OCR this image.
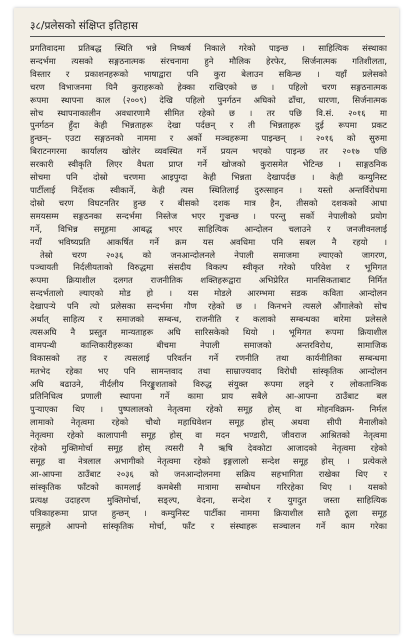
३८/प्रलेसको संक्षिप्त इतिहास
प्रगतिवादमा प्रतिबद्ध स्थिति भन्ने निष्कर्ष निकाले गरेको पाइन्छ । साहित्यिक संस्थाका
सन्दर्भमा त्यसको सङ्गठनात्मक संरचनामा हुने मौलिक हेरफेर, सिर्जनात्मक गतिशीलता,
विस्तार र प्रकाशनहरूको भाषाद्वारा पनि कुरा बेलाउन सकिन्छ । यहाँ प्रलेसको
चरण विभाजनमा यिनै कुराहरूको हेक्का राखिएको छ । पहिलो चरण सङ्गठनात्मक
रूपमा स्थापना काल (२००९) देखि पहिलो पुनर्गठन अघिको ढाँचा, धारणा, सिर्जनात्मक
सोच स्थापनाकालीन अवधारणामै सीमित रहेको छ । तर पछि वि.सं. २०१६ मा
पुनर्गठन हुँदा केही भिन्नताहरू देखा पर्दछन् र ती भिन्नताहरू दुई रूपमा प्रकट
हुन्छन्– एउटा सङ्गठनको नाममा र अर्को मञ्चहरूमा पाइन्छन् । २०१६ को सुरुमा
बिराटनगरमा कार्यालय खोलेर व्यवस्थित गर्ने प्रयत्न भएको पाइन्छ तर २०१७ पछि
सरकारी स्वीकृति लिएर वैधता प्राप्त गर्ने खोजको कुरासमेत भेटिन्छ । साङ्गठनिक
सोचमा पनि दोस्रो चरणमा आइपुग्दा केही भिन्नता देखापर्दछ । केही कम्युनिस्ट
पार्टीलाई निर्देशक स्वीकार्ने, केही त्यस स्थितिलाई दुरुत्साहन । यस्तो अन्तर्विरोधमा
दोस्रो चरण विघटनतिर हुन्छ र बीसको दशक मात्र हैन, तीसको दशकको आधा
समयसम्म सङ्गठनका सन्दर्भमा निस्तेज भएर गुज्रन्छ । परन्तु सर्को नेपालीको प्रयोग
गर्ने, विभिन्न समूहमा आबद्ध भएर साहित्यिक आन्दोलन चलाउने र जनजीवनलाई
नयाँ भविष्यप्रति आकर्षित गर्ने क्रम यस अवधिमा पनि सबल नै रहयो ।
तेस्रो चरण २०३६ को जनआन्दोलनले नेपाली समाजमा ल्याएको जागरण,
पञ्चायती निर्दलीयताको विरुद्धमा संसदीय विकल्प स्वीकृत गरेको परिवेश र भूमिगत
रूपमा क्रियाशील दलगत राजनीतिक शक्तिहरूद्वारा अभिप्रेरित मानसिकताबाट निर्मित
सन्दर्भतालो ल्याएको मोड हो । यस मोडले आरम्भमा सडक कविता आन्दोलन
देखापर्‍ये पनि त्यो प्रलेसका सन्दर्भमा गौण रहेको छ । किनभने त्यसले औंगालेको सोच
अर्थात् साहित्य र समाजको सम्बन्ध, राजनीति र कलाको सम्बन्धका बारेमा प्रलेसले
त्यसअघि नै प्रस्तुत मान्यताहरू अघि सारिसकेको थियो । भूमिगत रूपमा क्रियाशील
वामपन्थी कान्तिकारीहरूका बीचमा नेपाली समाजको अन्तरविरोध, सामाजिक
विकासको तह र त्यसलाई परिवर्तन गर्ने रणनीति तथा कार्यनीतिका सम्बन्धमा
मतभेद रहेका भए पनि सामन्तवाद तथा साम्राज्यवाद विरोधी सांस्कृतिक आन्दोलन
अघि बढाउने, नीर्दलीय निरङ्कुशताको विरुद्ध संयुक्त रूपमा लड्ने र लोकतान्त्रिक
प्रतिनिधित्व प्रणाली स्थापना गर्ने कामा प्राय सबैले आ-आफ्ना ठाउँबाट बल
पुऱ्याएका थिए । पुष्पलालको नेतृत्वमा रहेको समूह होस् वा मोहनविक्रम- निर्मल
लामाको नेतृत्वमा रहेको चौथो महाधिवेशन समूह होस् अथवा सीपी मैनालीको
नेतृत्वमा रहेको कालापानी समूह होस् वा मदन भण्डारी, जीवराज आश्रितको नेतृत्वमा
रहेको मुक्तिमोर्चा समूह होस् त्यसरी नै ऋषि देवकोटा आजादको नेतृत्वमा रहेको
समूह वा नेत्रलाल अभागीको नेतृत्वमा रहेको इङ्गलालो सन्देश समूह होस् । प्रत्येकले
आ-आफ्ना ठाउँबाट २०३६ को जनआन्दोलनमा सक्रिय सहभागिता राखेका थिए र
सांस्कृतिक फाँटको कामलाई कमबेसी मात्रामा सम्बोधन गरिरहेका थिए । यसको
प्रत्यक्ष उदाहरण मुक्तिमोर्चा, सङ्ल्प, वेदना, सन्देश र युगदुत जस्ता साहित्यिक
पत्रिकाहरूमा प्राप्त हुन्छन् । कम्युनिस्ट पार्टीका नाममा क्रियाशील सातै ठूला समूह
समूहले आफ्नो सांस्कृतिक मोर्चा, फाँट र संस्थाहरू सञ्चालन गर्ने काम गरेका
